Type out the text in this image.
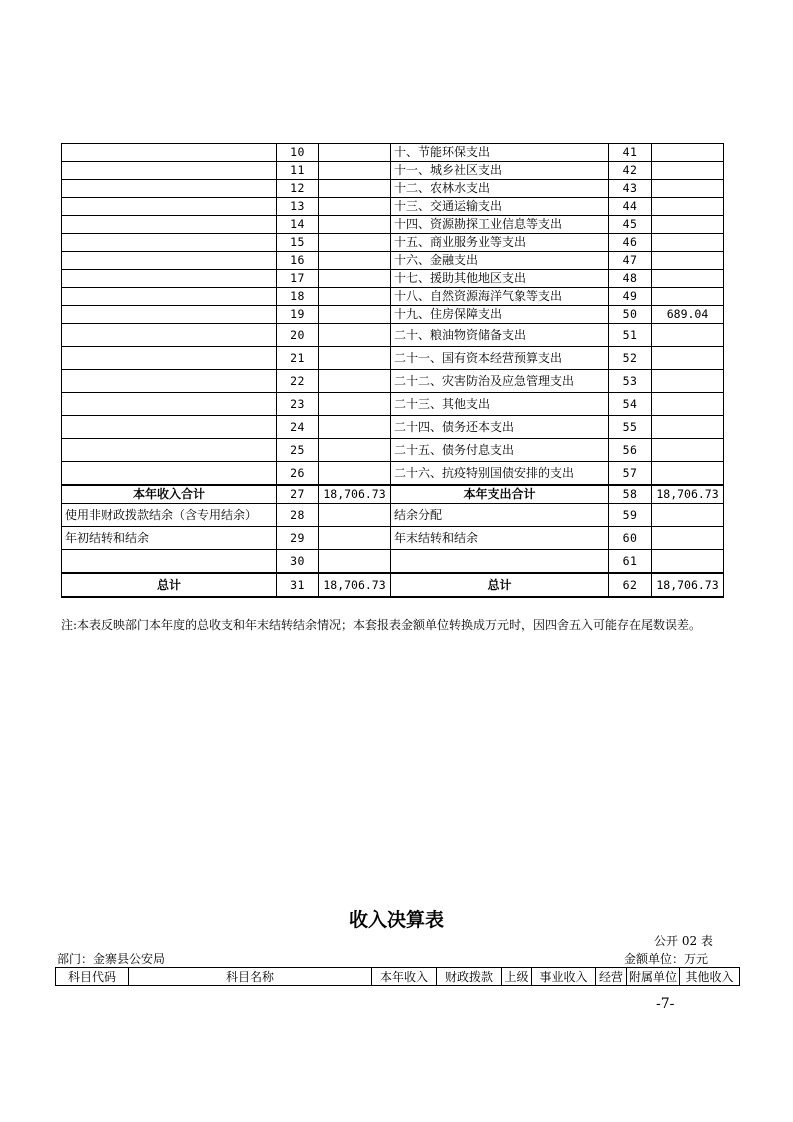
	10		十、节能环保支出	41	
	11		十一、城乡社区支出	42	
	12		十二、农林水支出	43	
	13		十三、交通运输支出	44	
	14		十四、资源勘探工业信息等支出	45	
	15		十五、商业服务业等支出	46	
	16		十六、金融支出	47	
	17		十七、援助其他地区支出	48	
	18		十八、自然资源海洋气象等支出	49	
	19		十九、住房保障支出	50	689.04
	20		二十、粮油物资储备支出	51	
	21		二十一、国有资本经营预算支出	52	
	22		二十二、灾害防治及应急管理支出	53	
	23		二十三、其他支出	54	
	24		二十四、债务还本支出	55	
	25		二十五、债务付息支出	56	
	26		二十六、抗疫特别国债安排的支出	57	
本年收入合计	27	18,706.73	本年支出合计	58	18,706.73
使用非财政拨款结余（含专用结余）	28		结余分配	59	
年初结转和结余	29		年末结转和结余	60	
	30			61	
总计	31	18,706.73	总计	62	18,706.73

注:本表反映部门本年度的总收支和年末结转结余情况；本套报表金额单位转换成万元时，因四舍五入可能存在尾数误差。

收入决算表
公开 02 表
部门：金寨县公安局	金额单位：万元
科目代码	科目名称	本年收入	财政拨款	上级	事业收入	经营	附属单位	其他收入
-7-
